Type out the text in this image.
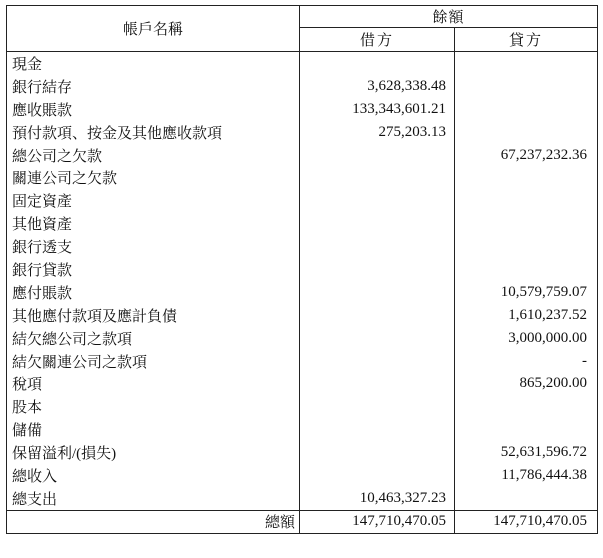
帳戶名稱	餘額	
	借方	貸方
現金		
銀行結存	3,628,338.48	
應收賬款	133,343,601.21	
預付款項、按金及其他應收款項	275,203.13	
總公司之欠款		67,237,232.36
關連公司之欠款		
固定資產		
其他資產		
銀行透支		
銀行貸款		
應付賬款		10,579,759.07
其他應付款項及應計負債		1,610,237.52
結欠總公司之款項		3,000,000.00
結欠關連公司之款項		-
稅項		865,200.00
股本		
儲備		
保留溢利/(損失)		52,631,596.72
總收入		11,786,444.38
總支出	10,463,327.23	
總額	147,710,470.05	147,710,470.05
